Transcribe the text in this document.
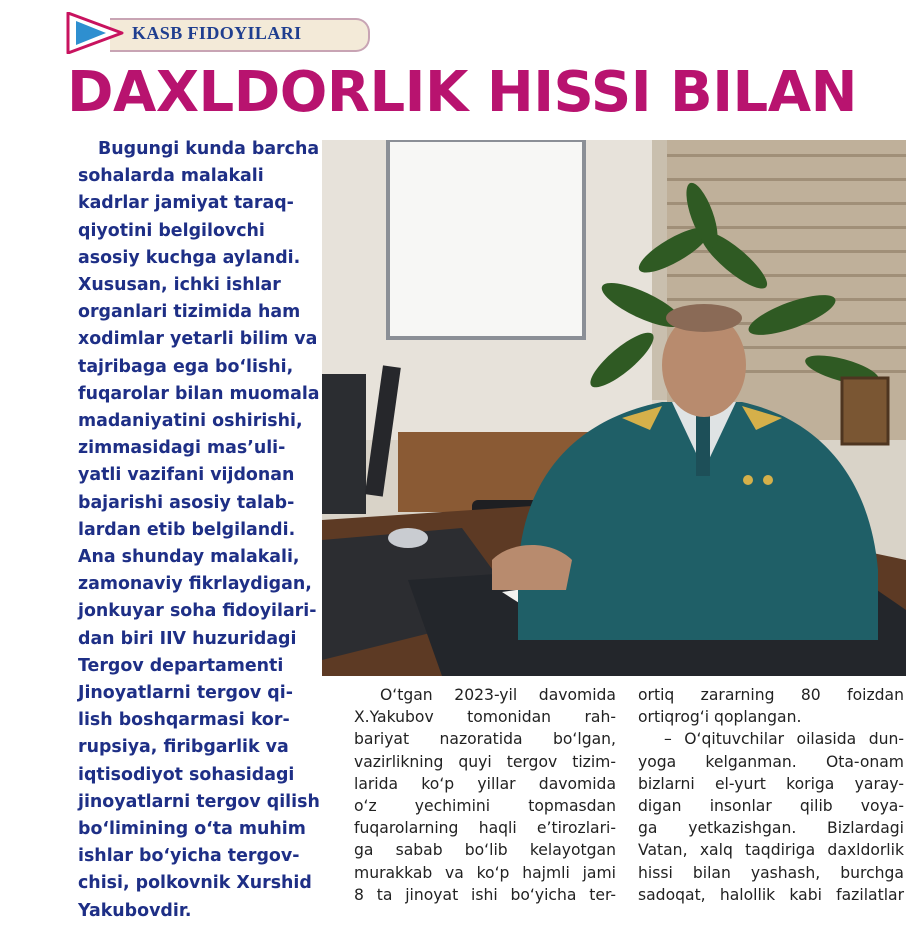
KASB FIDOYILARI
DAXLDORLIK HISSI BILAN
Bugungi kunda barcha
sohalarda malakali
kadrlar jamiyat taraq-
qiyotini belgilovchi
asosiy kuchga aylandi.
Xususan, ichki ishlar
organlari tizimida ham
xodimlar yetarli bilim va
tajribaga ega bo‘lishi,
fuqarolar bilan muomala
madaniyatini oshirishi,
zimmasidagi mas’uli-
yatli vazifani vijdonan
bajarishi asosiy talab-
lardan etib belgilandi.
Ana shunday malakali,
zamonaviy fikrlaydigan,
jonkuyar soha fidoyilari-
dan biri IIV huzuridagi
Tergov departamenti
Jinoyatlarni tergov qi-
lish boshqarmasi kor-
rupsiya, firibgarlik va
iqtisodiyot sohasidagi
jinoyatlarni tergov qilish
bo‘limining o‘ta muhim
ishlar bo‘yicha tergov-
chisi, polkovnik Xurshid
Yakubovdir.
O‘tgan 2023-yil davomida
X.Yakubov tomonidan rah-
bariyat nazoratida bo‘lgan,
vazirlikning quyi tergov tizim-
larida ko‘p yillar davomida
o‘z yechimini topmasdan
fuqarolarning haqli e’tirozlari-
ga sabab bo‘lib kelayotgan
murakkab va ko‘p hajmli jami
8 ta jinoyat ishi bo‘yicha ter-
ortiq zararning 80 foizdan
ortiqrog‘i qoplangan.
– O‘qituvchilar oilasida dun-
yoga kelganman. Ota-onam
bizlarni el-yurt koriga yaray-
digan insonlar qilib voya-
ga yetkazishgan. Bizlardagi
Vatan, xalq taqdiriga daxldorlik
hissi bilan yashash, burchga
sadoqat, halollik kabi fazilatlar
